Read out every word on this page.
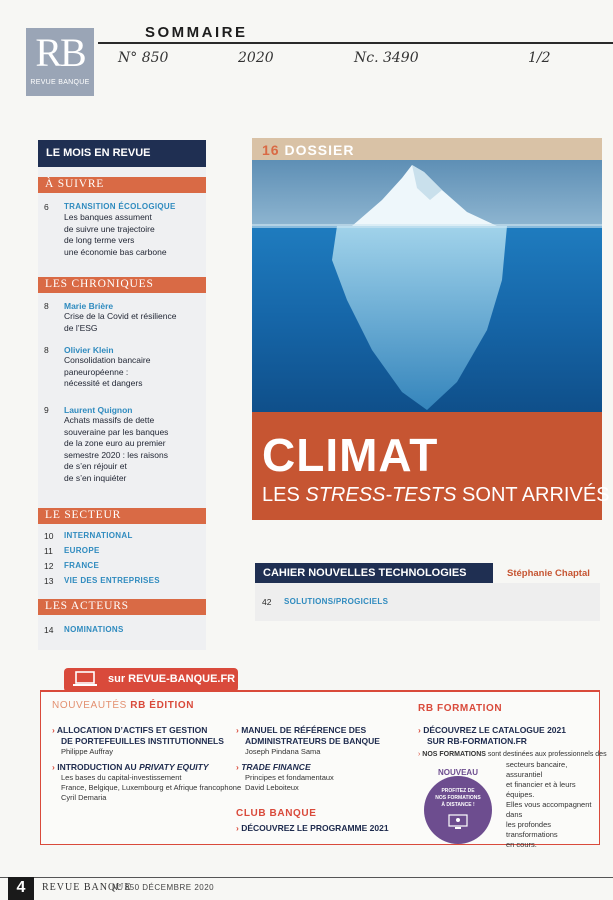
RB
REVUE BANQUE
SOMMAIRE
N° 850	2020	Nc. 3490	1/2
LE MOIS EN REVUE
À SUIVRE
6	TRANSITION ÉCOLOGIQUE
Les banques assument
de suivre une trajectoire
de long terme vers
une économie bas carbone
LES CHRONIQUES
8	Marie Brière
Crise de la Covid et résilience
de l’ESG
8	Olivier Klein
Consolidation bancaire
paneuropéenne :
nécessité et dangers
9	Laurent Quignon
Achats massifs de dette
souveraine par les banques
de la zone euro au premier
semestre 2020 : les raisons
de s’en réjouir et
de s’en inquiéter
LE SECTEUR
10	INTERNATIONAL
11	EUROPE
12	FRANCE
13	VIE DES ENTREPRISES
LES ACTEURS
14	NOMINATIONS
16 DOSSIER
CLIMAT
LES STRESS-TESTS SONT ARRIVÉS
CAHIER NOUVELLES TECHNOLOGIES	Stéphanie Chaptal
42	SOLUTIONS/PROGICIELS
sur REVUE-BANQUE.FR
NOUVEAUTÉS RB ÉDITION
› ALLOCATION D’ACTIFS ET GESTION
DE PORTEFEUILLES INSTITUTIONNELS
Philippe Auffray
› INTRODUCTION AU PRIVATY EQUITY
Les bases du capital-investissement
France, Belgique, Luxembourg et Afrique francophone
Cyril Demaria
› MANUEL DE RÉFÉRENCE DES
ADMINISTRATEURS DE BANQUE
Joseph Pindana Sama
› TRADE FINANCE
Principes et fondamentaux
David Leboiteux
CLUB BANQUE
› DÉCOUVREZ LE PROGRAMME 2021
RB FORMATION
› DÉCOUVREZ LE CATALOGUE 2021
SUR RB-FORMATION.FR
› NOS FORMATIONS sont destinées aux professionnels des
secteurs bancaire, assurantiel
et financier et à leurs équipes.
Elles vous accompagnent dans
les profondes transformations
en cours.
NOUVEAU
PROFITEZ DE
NOS FORMATIONS
À DISTANCE !
4	REVUE BANQUE
N° 850 DÉCEMBRE 2020
